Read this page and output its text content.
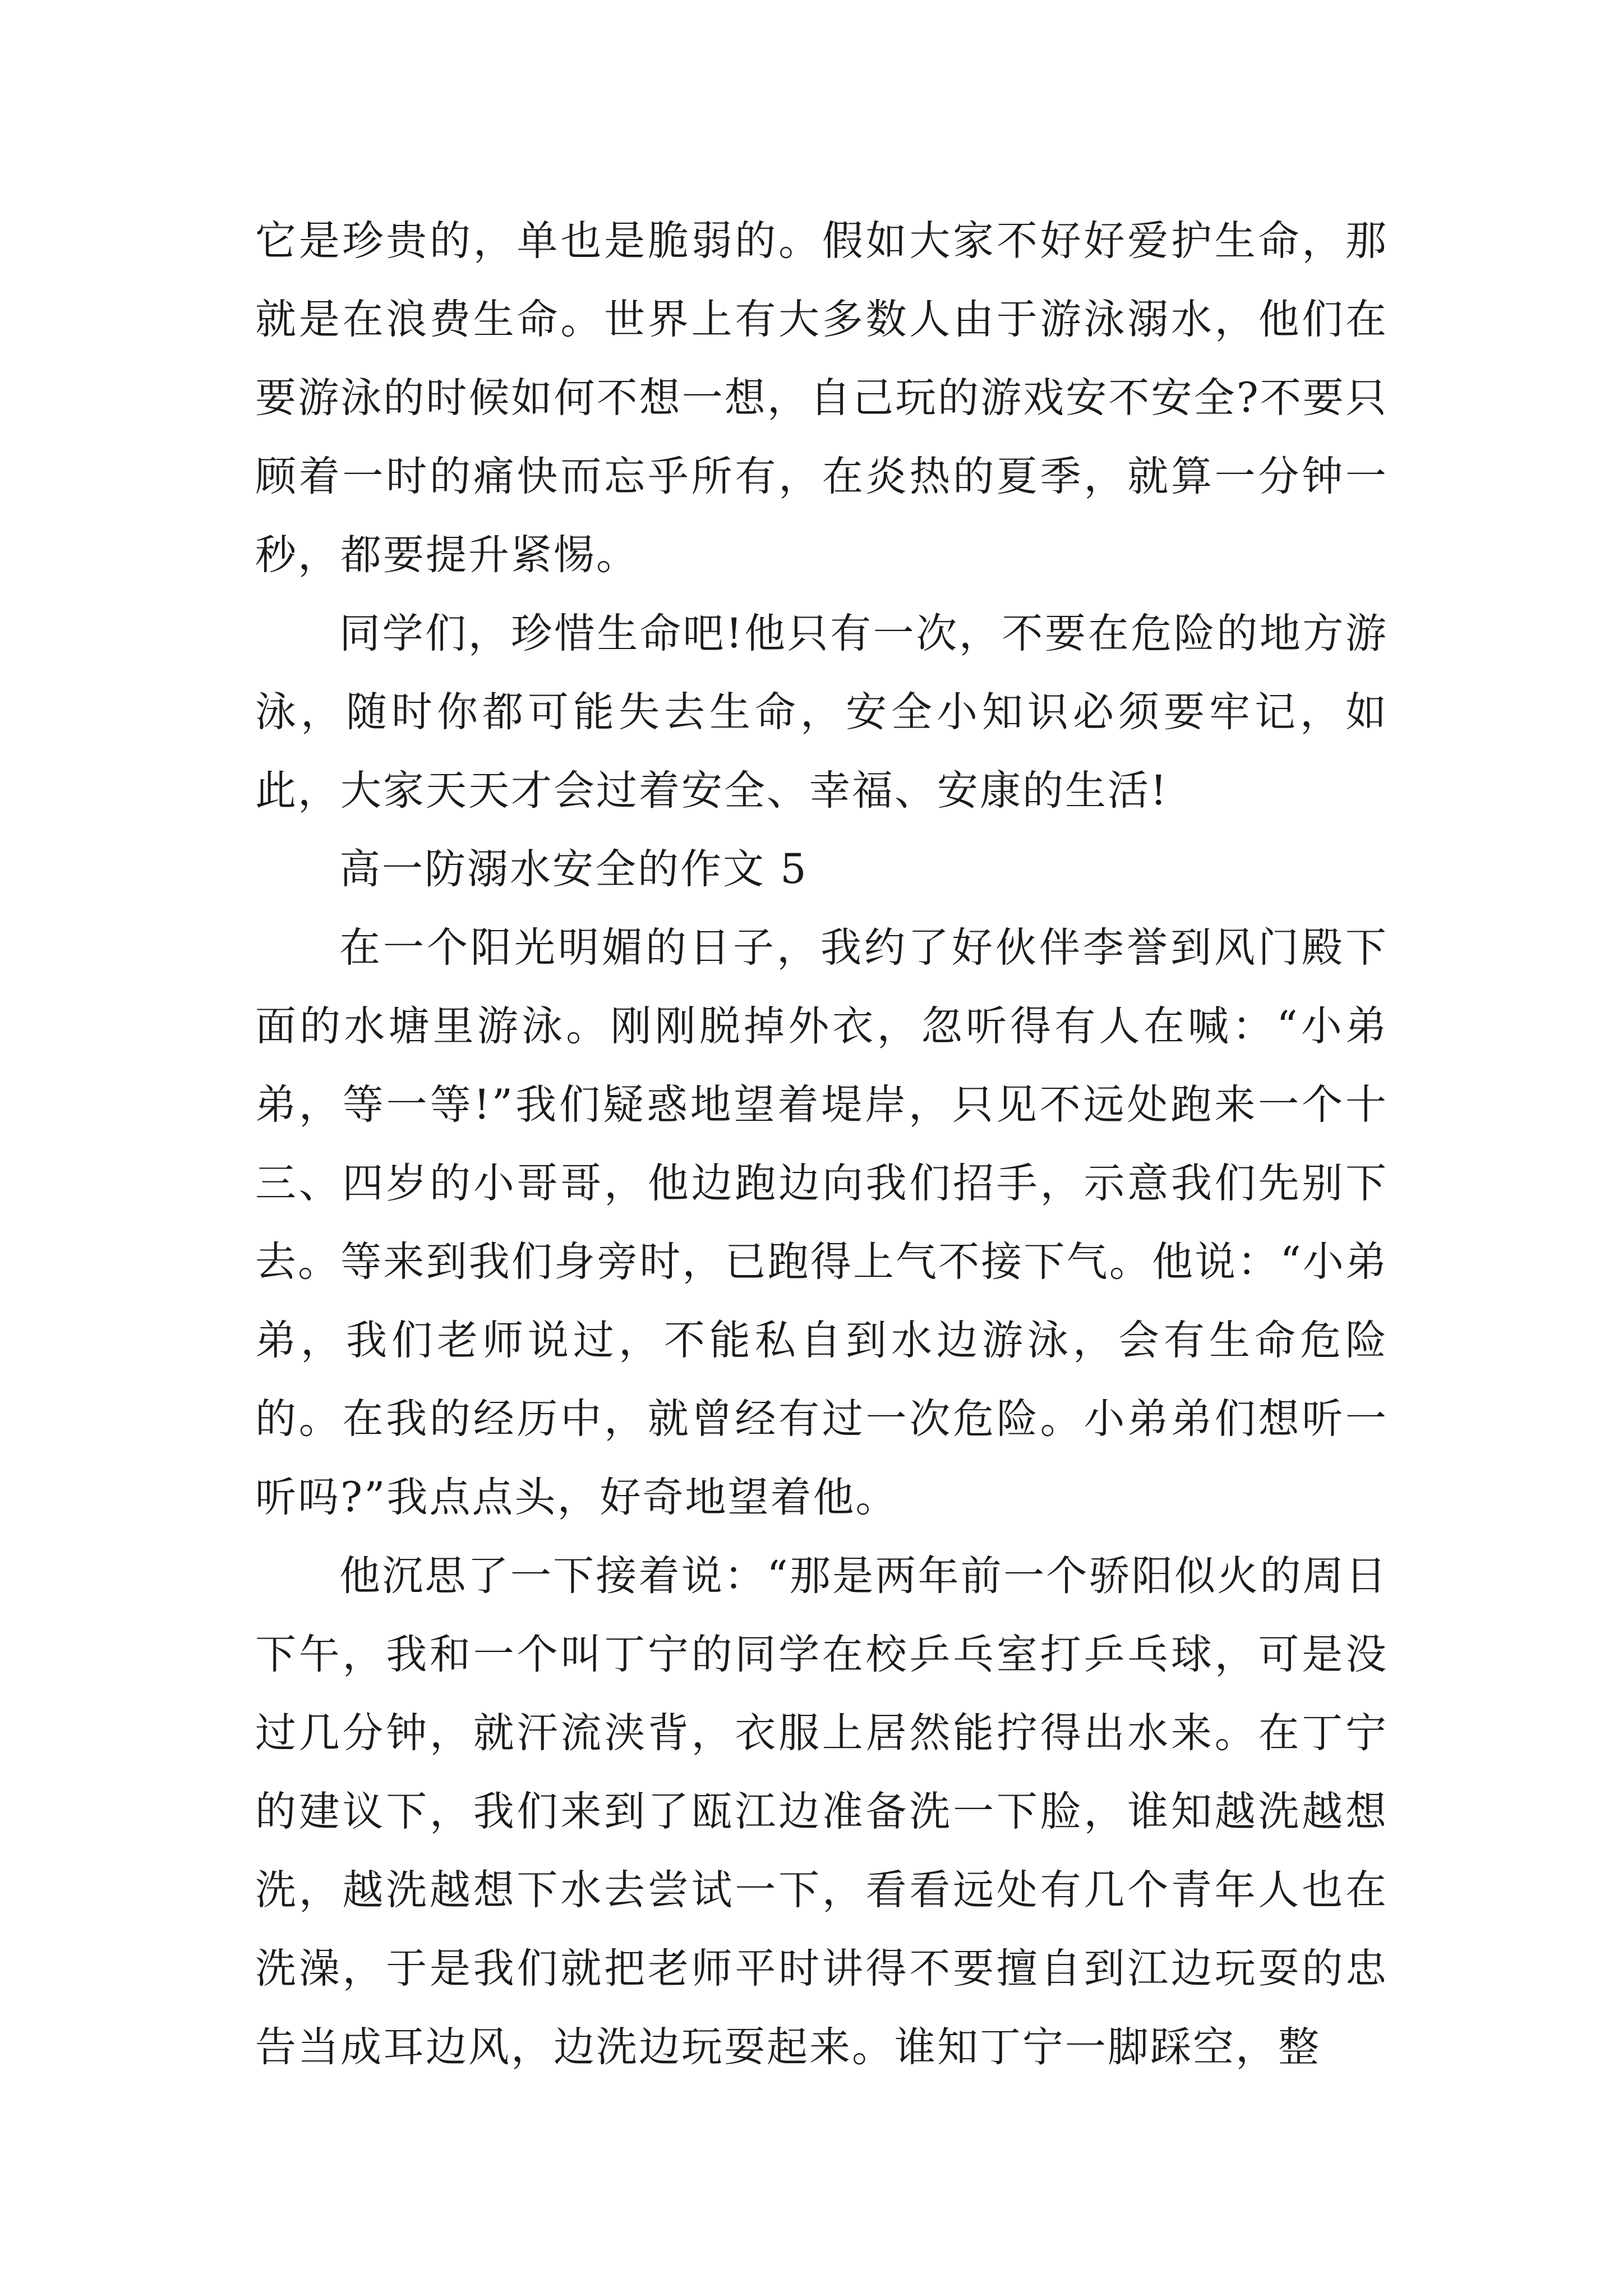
它是珍贵的，单也是脆弱的。假如大家不好好爱护生命，那就是在浪费生命。世界上有大多数人由于游泳溺水，他们在要游泳的时候如何不想一想，自己玩的游戏安不安全?不要只顾着一时的痛快而忘乎所有，在炎热的夏季，就算一分钟一秒，都要提升紧惕。

同学们，珍惜生命吧!他只有一次，不要在危险的地方游泳，随时你都可能失去生命，安全小知识必须要牢记，如此，大家天天才会过着安全、幸福、安康的生活!

高一防溺水安全的作文 5

在一个阳光明媚的日子，我约了好伙伴李誉到风门殿下面的水塘里游泳。刚刚脱掉外衣，忽听得有人在喊：“小弟弟，等一等!”我们疑惑地望着堤岸，只见不远处跑来一个十三、四岁的小哥哥，他边跑边向我们招手，示意我们先别下去。等来到我们身旁时，已跑得上气不接下气。他说：“小弟弟，我们老师说过，不能私自到水边游泳，会有生命危险的。在我的经历中，就曾经有过一次危险。小弟弟们想听一听吗?”我点点头，好奇地望着他。

他沉思了一下接着说：“那是两年前一个骄阳似火的周日下午，我和一个叫丁宁的同学在校乒乓室打乒乓球，可是没过几分钟，就汗流浃背，衣服上居然能拧得出水来。在丁宁的建议下，我们来到了瓯江边准备洗一下脸，谁知越洗越想洗，越洗越想下水去尝试一下，看看远处有几个青年人也在洗澡，于是我们就把老师平时讲得不要擅自到江边玩耍的忠告当成耳边风，边洗边玩耍起来。谁知丁宁一脚踩空，整
